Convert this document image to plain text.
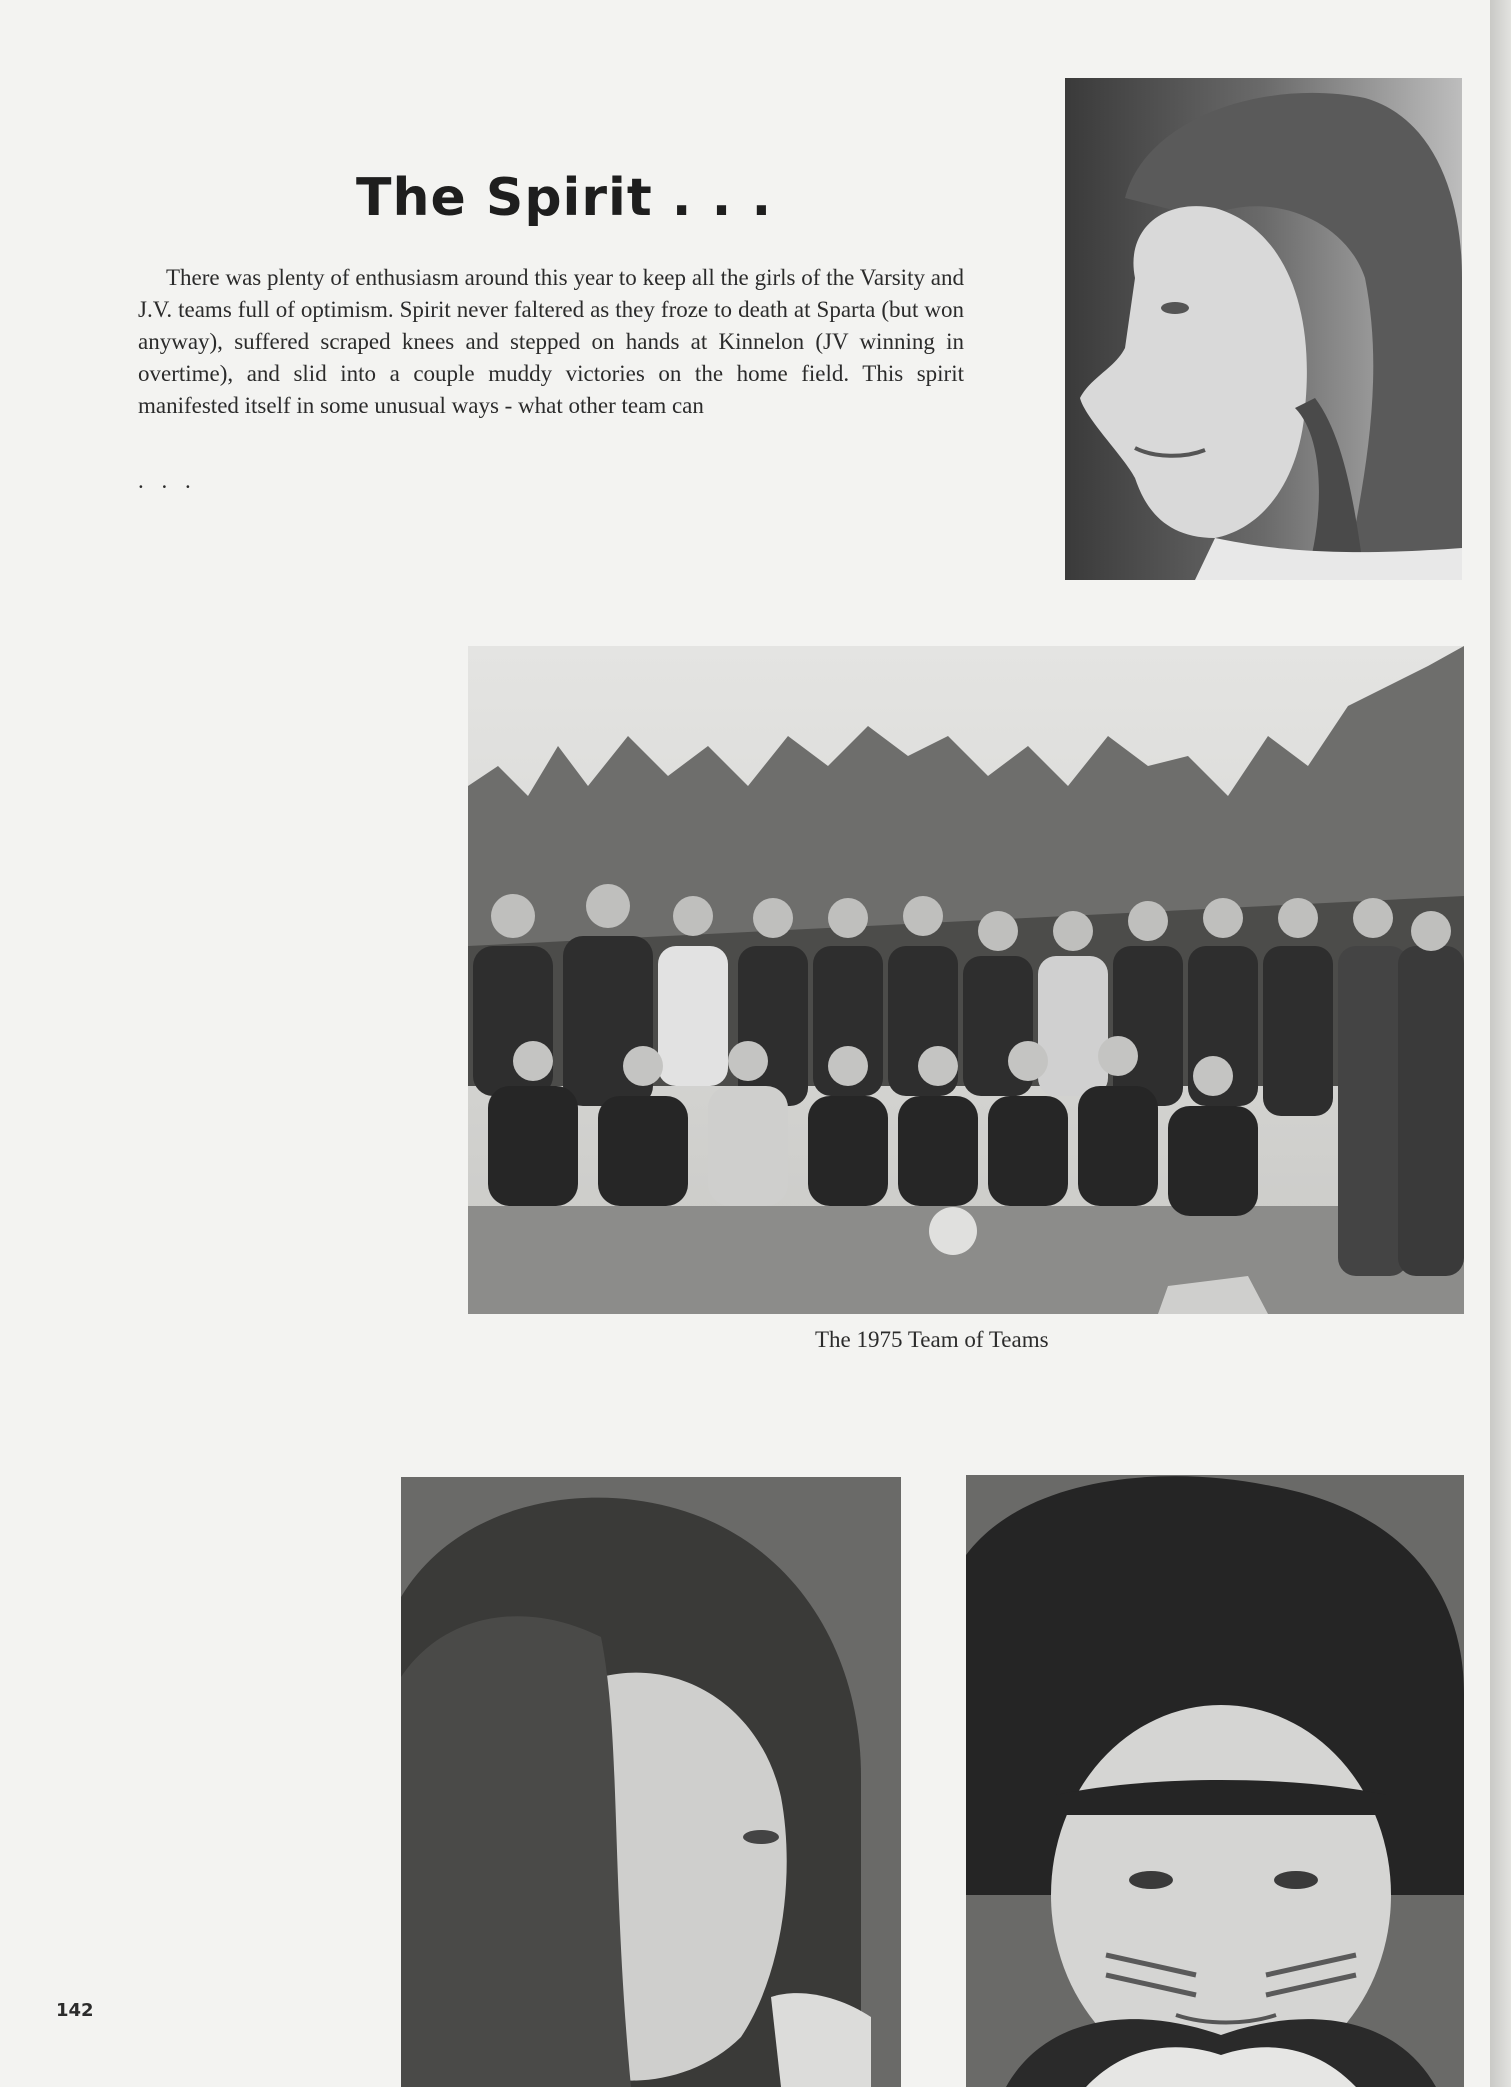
The Spirit . . .

There was plenty of enthusiasm around this year to keep all the girls of the Varsity and J.V. teams full of optimism. Spirit never faltered as they froze to death at Sparta (but won anyway), suffered scraped knees and stepped on hands at Kinnelon (JV winning in overtime), and slid into a couple muddy victories on the home field. This spirit manifested itself in some unusual ways - what other team can

. . .
The 1975 Team of Teams
142
